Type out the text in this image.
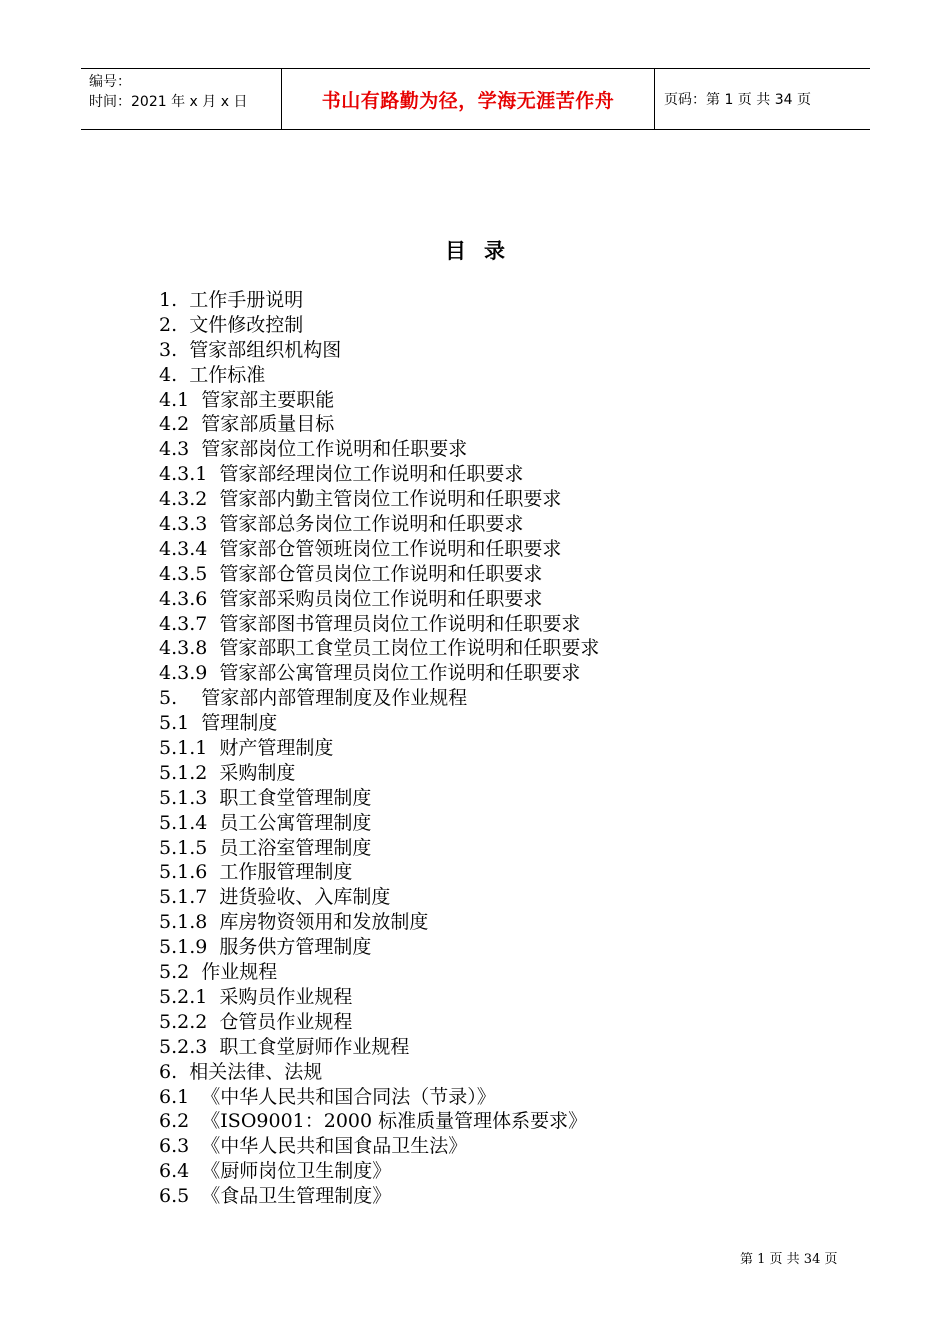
编号：
时间：2021 年 x 月 x 日	书山有路勤为径，学海无涯苦作舟	页码：第 1 页 共 34 页
目录
1.  工作手册说明
2.  文件修改控制
3.  管家部组织机构图
4.  工作标准
4.1  管家部主要职能
4.2  管家部质量目标
4.3  管家部岗位工作说明和任职要求
4.3.1  管家部经理岗位工作说明和任职要求
4.3.2  管家部内勤主管岗位工作说明和任职要求
4.3.3  管家部总务岗位工作说明和任职要求
4.3.4  管家部仓管领班岗位工作说明和任职要求
4.3.5  管家部仓管员岗位工作说明和任职要求
4.3.6  管家部采购员岗位工作说明和任职要求
4.3.7  管家部图书管理员岗位工作说明和任职要求
4.3.8  管家部职工食堂员工岗位工作说明和任职要求
4.3.9  管家部公寓管理员岗位工作说明和任职要求
5.    管家部内部管理制度及作业规程
5.1  管理制度
5.1.1  财产管理制度
5.1.2  采购制度
5.1.3  职工食堂管理制度
5.1.4  员工公寓管理制度
5.1.5  员工浴室管理制度
5.1.6  工作服管理制度
5.1.7  进货验收、入库制度
5.1.8  库房物资领用和发放制度
5.1.9  服务供方管理制度
5.2  作业规程
5.2.1  采购员作业规程
5.2.2  仓管员作业规程
5.2.3  职工食堂厨师作业规程
6.  相关法律、法规
6.1  《中华人民共和国合同法（节录）》
6.2  《ISO9001：2000 标准质量管理体系要求》
6.3  《中华人民共和国食品卫生法》
6.4  《厨师岗位卫生制度》
6.5  《食品卫生管理制度》
第 1 页 共 34 页
